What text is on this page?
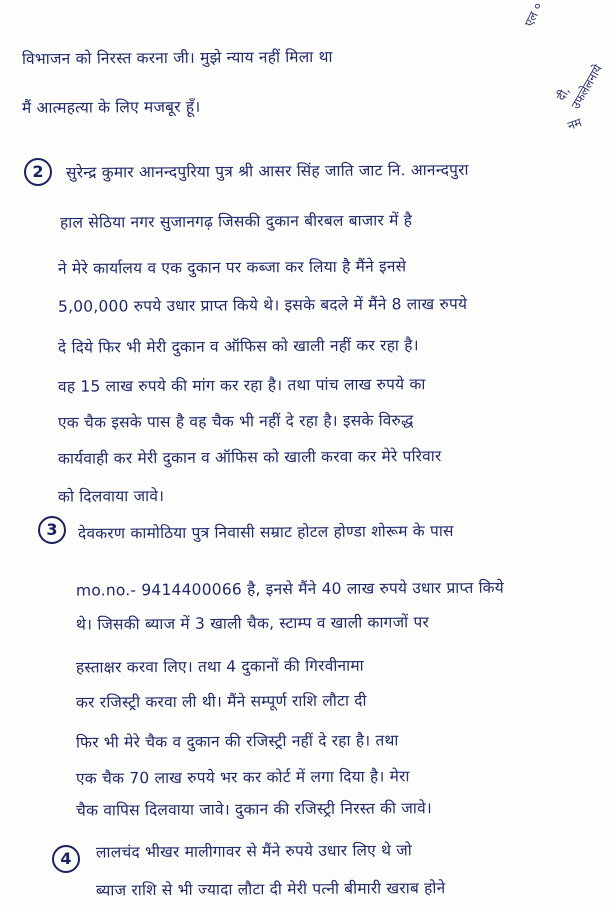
एल ०
दी, उफलेलनाये
नम
विभाजन को निरस्त करना जी। मुझे न्याय नहीं मिला था
मैं आत्महत्या के लिए मजबूर हूँ।
2	सुरेन्द्र कुमार आनन्दपुरिया पुत्र श्री आसर सिंह जाति जाट नि. आनन्दपुरा
हाल सेठिया नगर सुजानगढ़ जिसकी दुकान बीरबल बाजार में है
ने मेरे कार्यालय व एक दुकान पर कब्जा कर लिया है मैंने इनसे
5,00,000 रुपये उधार प्राप्त किये थे। इसके बदले में मैंने 8 लाख रुपये
दे दिये फिर भी मेरी दुकान व ऑफिस को खाली नहीं कर रहा है।
वह 15 लाख रुपये की मांग कर रहा है। तथा पांच लाख रुपये का
एक चैक इसके पास है वह चैक भी नहीं दे रहा है। इसके विरुद्ध
कार्यवाही कर मेरी दुकान व ऑफिस को खाली करवा कर मेरे परिवार
को दिलवाया जावे।
3	देवकरण कामोठिया पुत्र निवासी सम्राट होटल होण्डा शोरूम के पास
mo.no.- 9414400066 है, इनसे मैंने 40 लाख रुपये उधार प्राप्त किये
थे। जिसकी ब्याज में 3 खाली चैक, स्टाम्प व खाली कागजों पर
हस्ताक्षर करवा लिए। तथा 4 दुकानों की गिरवीनामा
कर रजिस्ट्री करवा ली थी। मैंने सम्पूर्ण राशि लौटा दी
फिर भी मेरे चैक व दुकान की रजिस्ट्री नहीं दे रहा है। तथा
एक चैक 70 लाख रुपये भर कर कोर्ट में लगा दिया है। मेरा
चैक वापिस दिलवाया जावे। दुकान की रजिस्ट्री निरस्त की जावे।
4	लालचंद भीखर मालीगावर से मैंने रुपये उधार लिए थे जो
ब्याज राशि से भी ज्यादा लौटा दी मेरी पत्नी बीमारी खराब होने
